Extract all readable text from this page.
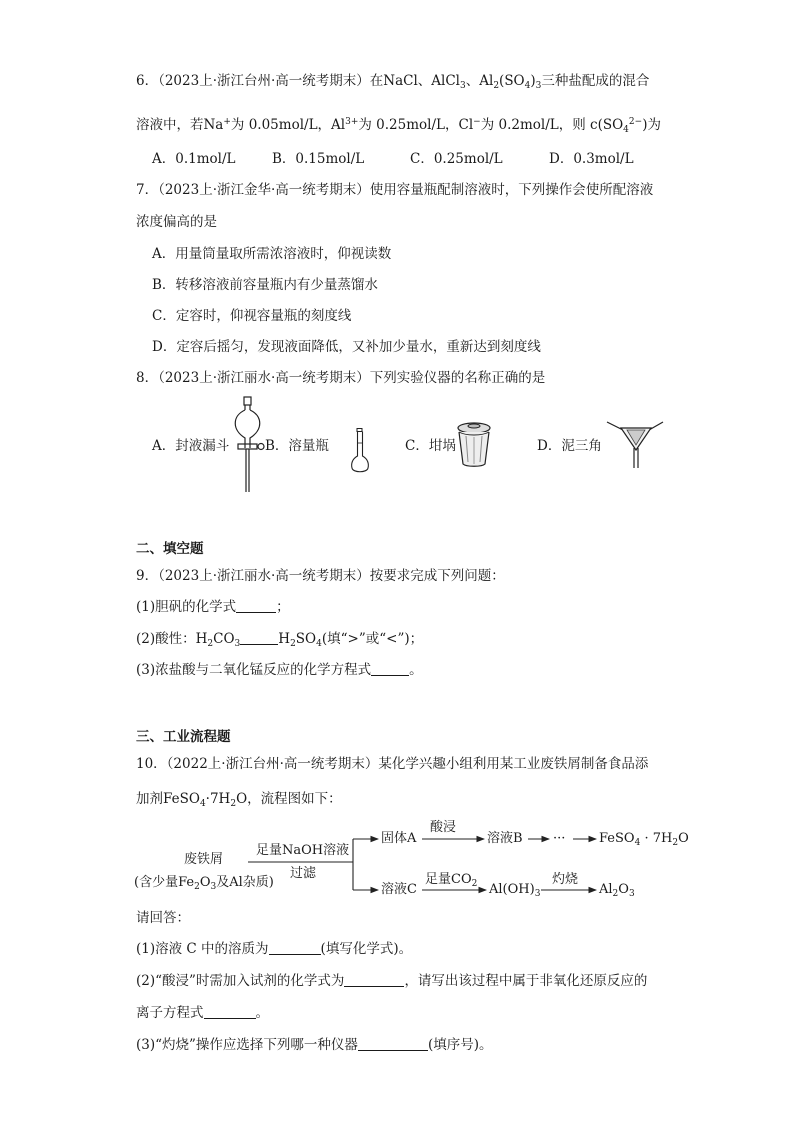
6．（2023上·浙江台州·高一统考期末）在NaCl、AlCl$_3$、$Al_2(SO_4)_3$三种盐配成的混合
溶液中，若Na+为 0.05mol/L，$Al^{3+}$为 0.25mol/L，Cl−为 0.2mol/L，则 $c(SO_4^{2-})$为
A．0.1mol/L	B．0.15mol/L	C．0.25mol/L	D．0.3mol/L
7．（2023上·浙江金华·高一统考期末）使用容量瓶配制溶液时，下列操作会使所配溶液
浓度偏高的是
A．用量筒量取所需浓溶液时，仰视读数
B．转移溶液前容量瓶内有少量蒸馏水
C．定容时，仰视容量瓶的刻度线
D．定容后摇匀，发现液面降低，又补加少量水，重新达到刻度线
8．（2023上·浙江丽水·高一统考期末）下列实验仪器的名称正确的是
A．封液漏斗	B．溶量瓶	C．坩埚	D．泥三角
二、填空题
9．（2023上·浙江丽水·高一统考期末）按要求完成下列问题：
(1)胆矾的化学式	；
(2)酸性：$H_2CO_3$	$H_2SO_4$(填“>”或“<”)；
(3)浓盐酸与二氧化锰反应的化学方程式	。
三、工业流程题
10．（2022上·浙江台州·高一统考期末）某化学兴趣小组利用某工业废铁屑制备食品添
加剂$FeSO_4\cdot 7H_2O$，流程图如下：
废铁屑
(含少量$Fe_2O_3$及Al杂质)
足量NaOH溶液
过滤
固体A
酸浸
溶液B ···	FeSO$_4$ · $7H_2O$
溶液C
足量$CO_2$ $Al(OH)_3$
灼烧
$Al_2O_3$
请回答：
(1)溶液 C 中的溶质为	(填写化学式)。
(2)“酸浸”时需加入试剂的化学式为	，请写出该过程中属于非氧化还原反应的
离子方程式	。
(3)“灼烧”操作应选择下列哪一种仪器	(填序号)。
